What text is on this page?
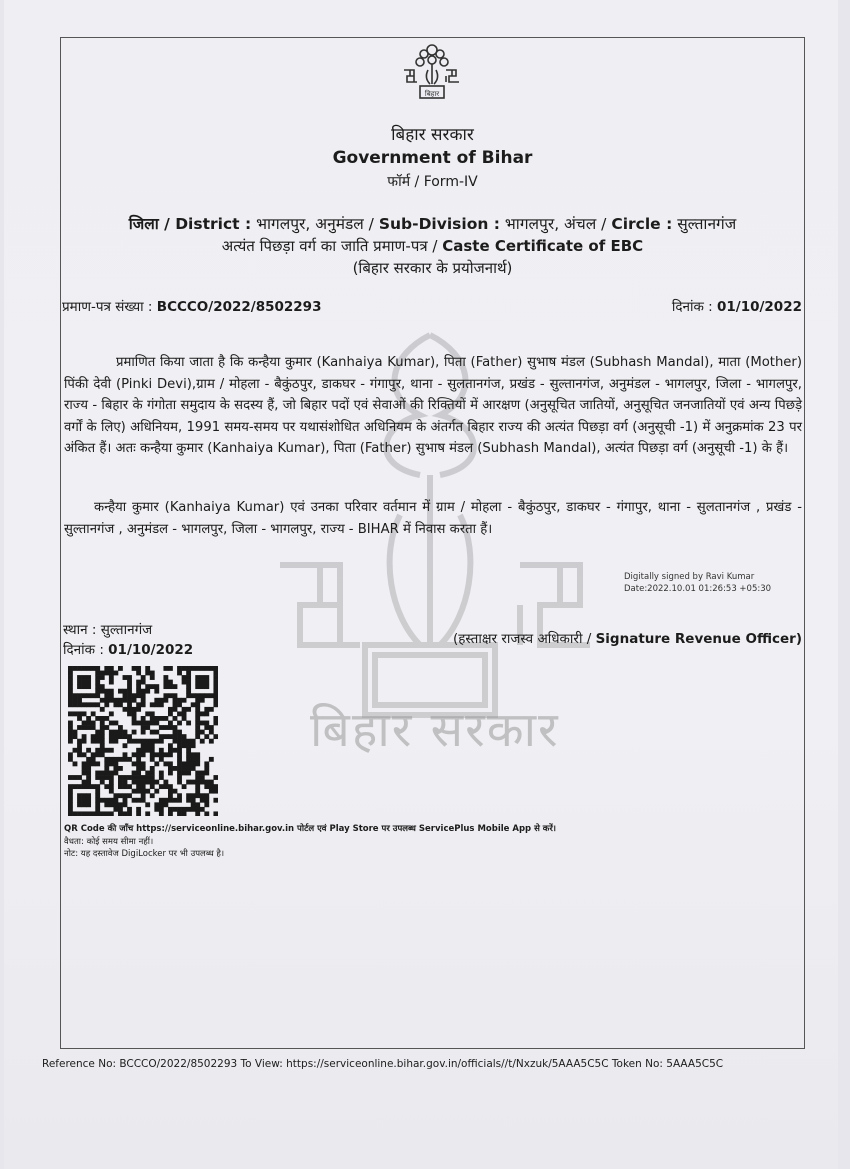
बिहार सरकार
बिहार
बिहार सरकार
Government of Bihar
फॉर्म / Form-IV
जिला / District : भागलपुर, अनुमंडल / Sub-Division : भागलपुर, अंचल / Circle : सुल्तानगंज
अत्यंत पिछड़ा वर्ग का जाति प्रमाण-पत्र / Caste Certificate of EBC
(बिहार सरकार के प्रयोजनार्थ)
प्रमाण-पत्र संख्या : BCCCO/2022/8502293	दिनांक : 01/10/2022
प्रमाणित किया जाता है कि कन्हैया कुमार (Kanhaiya Kumar), पिता (Father) सुभाष मंडल (Subhash Mandal), माता (Mother) पिंकी देवी (Pinki Devi),ग्राम / मोहला - बैकुंठपुर, डाकघर - गंगापुर, थाना - सुलतानगंज, प्रखंड - सुल्तानगंज, अनुमंडल - भागलपुर, जिला - भागलपुर, राज्य - बिहार के गंगोता समुदाय के सदस्य हैं, जो बिहार पदों एवं सेवाओं की रिक्तियों में आरक्षण (अनुसूचित जातियों, अनुसूचित जनजातियों एवं अन्य पिछड़े वर्गों के लिए) अधिनियम, 1991 समय-समय पर यथासंशोधित अधिनियम के अंतर्गत बिहार राज्य की अत्यंत पिछड़ा वर्ग (अनुसूची -1) में अनुक्रमांक 23 पर अंकित हैं। अतः कन्हैया कुमार (Kanhaiya Kumar), पिता (Father) सुभाष मंडल (Subhash Mandal), अत्यंत पिछड़ा वर्ग (अनुसूची -1) के हैं।
कन्हैया कुमार (Kanhaiya Kumar) एवं उनका परिवार वर्तमान में ग्राम / मोहला - बैकुंठपुर, डाकघर - गंगापुर, थाना - सुलतानगंज , प्रखंड - सुल्तानगंज , अनुमंडल - भागलपुर, जिला - भागलपुर, राज्य - BIHAR में निवास करता हैं।
Digitally signed by Ravi Kumar
Date:2022.10.01 01:26:53 +05:30
स्थान : सुल्तानगंज
दिनांक : 01/10/2022
(हस्ताक्षर राजस्व अधिकारी / Signature Revenue Officer)
QR Code की जाँच https://serviceonline.bihar.gov.in पोर्टल एवं Play Store पर उपलब्ध ServicePlus Mobile App से करें।
वैधता: कोई समय सीमा नहीं।
नोट: यह दस्तावेज DigiLocker पर भी उपलब्ध है।
Reference No: BCCCO/2022/8502293 To View: https://serviceonline.bihar.gov.in/officials//t/Nxzuk/5AAA5C5C Token No: 5AAA5C5C
